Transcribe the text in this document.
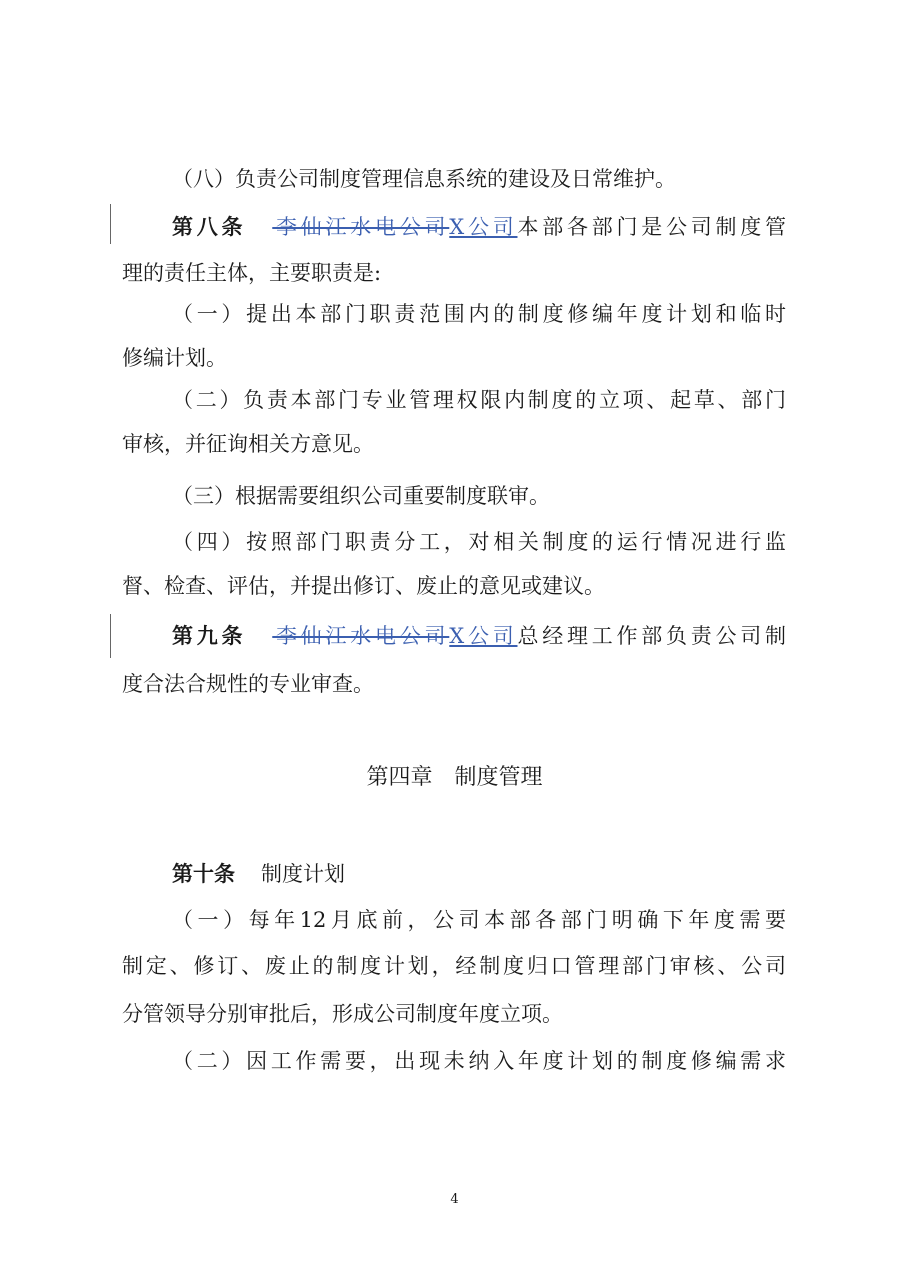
（八）负责公司制度管理信息系统的建设及日常维护。
第八条 李仙江水电公司X公司本部各部门是公司制度管
理的责任主体，主要职责是:
（一）提出本部门职责范围内的制度修编年度计划和临时
修编计划。
（二）负责本部门专业管理权限内制度的立项、起草、部门
审核，并征询相关方意见。
（三）根据需要组织公司重要制度联审。
（四）按照部门职责分工，对相关制度的运行情况进行监
督、检查、评估，并提出修订、废止的意见或建议。
第九条 李仙江水电公司X公司总经理工作部负责公司制
度合法合规性的专业审查。
第四章　制度管理
第十条 制度计划
（一）每年12月底前，公司本部各部门明确下年度需要
制定、修订、废止的制度计划，经制度归口管理部门审核、公司
分管领导分别审批后，形成公司制度年度立项。
（二）因工作需要，出现未纳入年度计划的制度修编需求
4
